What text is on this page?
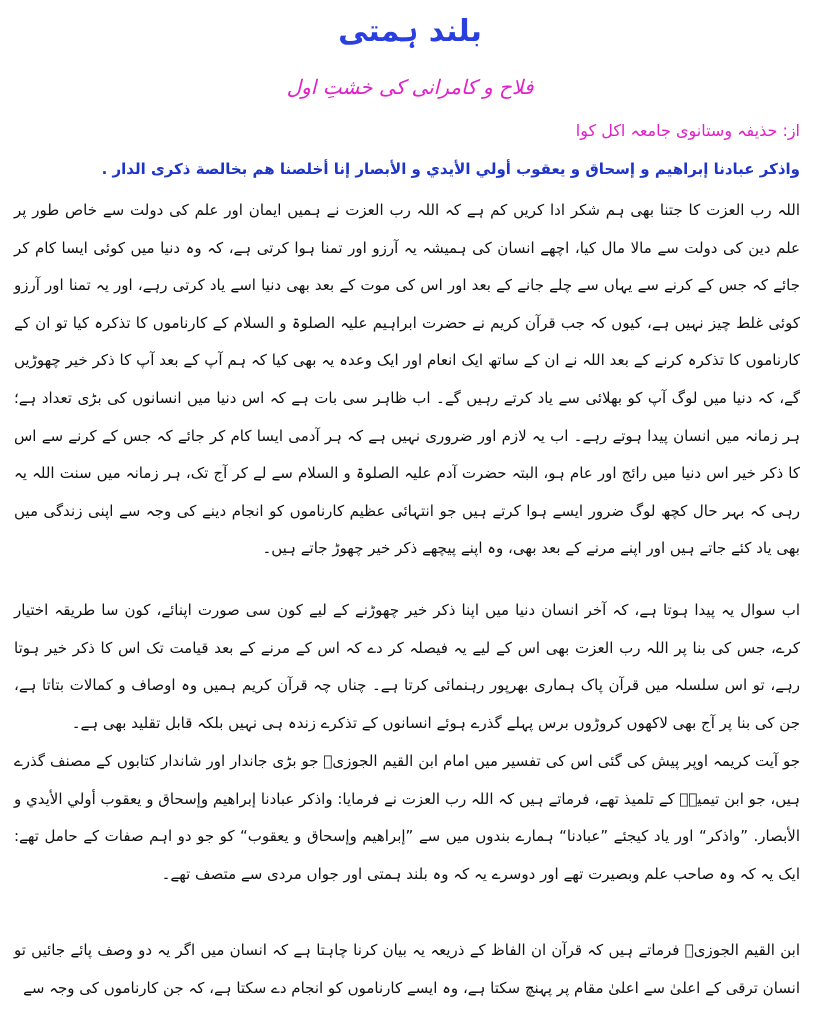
بلند ہمتی
فلاح و کامرانی کی خشتِ اول
از: حذیفہ وستانوی جامعہ اکل کوا
واذكر عبادنا إبراهيم و إسحاق و يعقوب أولي الأيدي و الأبصار إنا أخلصنا هم بخالصة ذكرى الدار .

اللہ رب العزت کا جتنا بھی ہم شکر ادا کریں کم ہے کہ اللہ رب العزت نے ہمیں ایمان اور علم کی دولت سے خاص طور پر علم دین کی دولت سے مالا مال کیا، اچھے انسان کی ہمیشہ یہ آرزو اور تمنا ہوا کرتی ہے، کہ وہ دنیا میں کوئی ایسا کام کر جائے کہ جس کے کرنے سے یہاں سے چلے جانے کے بعد اور اس کی موت کے بعد بھی دنیا اسے یاد کرتی رہے، اور یہ تمنا اور آرزو کوئی غلط چیز نہیں ہے، کیوں کہ جب قرآن کریم نے حضرت ابراہیم علیہ الصلوۃ و السلام کے کارناموں کا تذکرہ کیا تو ان کے کارناموں کا تذکرہ کرنے کے بعد اللہ نے ان کے ساتھ ایک انعام اور ایک وعدہ یہ بھی کیا کہ ہم آپ کے بعد آپ کا ذکر خیر چھوڑیں گے، کہ دنیا میں لوگ آپ کو بھلائی سے یاد کرتے رہیں گے۔ اب ظاہر سی بات ہے کہ اس دنیا میں انسانوں کی بڑی تعداد ہے؛ ہر زمانہ میں انسان پیدا ہوتے رہے۔ اب یہ لازم اور ضروری نہیں ہے کہ ہر آدمی ایسا کام کر جائے کہ جس کے کرنے سے اس کا ذکر خیر اس دنیا میں رائج اور عام ہو، البتہ حضرت آدم علیہ الصلوۃ و السلام سے لے کر آج تک، ہر زمانہ میں سنت اللہ یہ رہی کہ بہر حال کچھ لوگ ضرور ایسے ہوا کرتے ہیں جو انتہائی عظیم کارناموں کو انجام دینے کی وجہ سے اپنی زندگی میں بھی یاد کئے جاتے ہیں اور اپنے مرنے کے بعد بھی، وہ اپنے پیچھے ذکر خیر چھوڑ جاتے ہیں۔

اب سوال یہ پیدا ہوتا ہے، کہ آخر انسان دنیا میں اپنا ذکر خیر چھوڑنے کے لیے کون سی صورت اپنائے، کون سا طریقہ اختیار کرے، جس کی بنا پر اللہ رب العزت بھی اس کے لیے یہ فیصلہ کر دے کہ اس کے مرنے کے بعد قیامت تک اس کا ذکر خیر ہوتا رہے، تو اس سلسلہ میں قرآن پاک ہماری بھرپور رہنمائی کرتا ہے۔ چناں چہ قرآن کریم ہمیں وہ اوصاف و کمالات بتاتا ہے، جن کی بنا پر آج بھی لاکھوں کروڑوں برس پہلے گذرے ہوئے انسانوں کے تذکرے زندہ ہی نہیں بلکہ قابل تقلید بھی ہے۔

جو آیت کریمہ اوپر پیش کی گئی اس کی تفسیر میں امام ابن القیم الجوزیؒ جو بڑی جاندار اور شاندار کتابوں کے مصنف گذرے ہیں، جو ابن تیمیہؒ کے تلمیذ تھے، فرماتے ہیں کہ اللہ رب العزت نے فرمایا: واذكر عبادنا إبراهيم وإسحاق و يعقوب أولي الأيدي و الأبصار. ”واذکر“ اور یاد کیجئے ”عبادنا“ ہمارے بندوں میں سے ”إبراهيم وإسحاق و يعقوب“ کو جو دو اہم صفات کے حامل تھے: ایک یہ کہ وہ صاحب علم وبصیرت تھے اور دوسرے یہ کہ وہ بلند ہمتی اور جواں مردی سے متصف تھے۔

ابن القیم الجوزیؒ فرماتے ہیں کہ قرآن ان الفاظ کے ذریعہ یہ بیان کرنا چاہتا ہے کہ انسان میں اگر یہ دو وصف پائے جائیں تو انسان ترقی کے اعلیٰ سے اعلیٰ مقام پر پہنچ سکتا ہے، وہ ایسے کارناموں کو انجام دے سکتا ہے، کہ جن کارناموں کی وجہ سے
